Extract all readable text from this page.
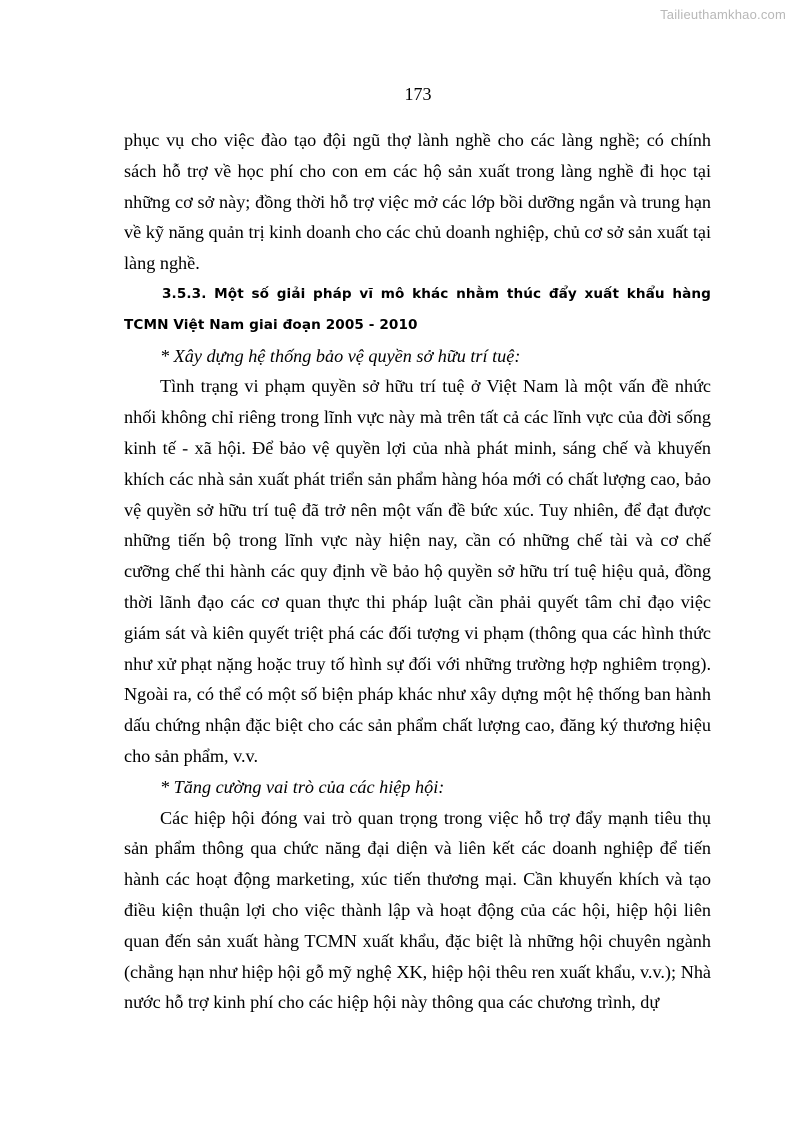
Tailieuthamkhao.com
173

phục vụ cho việc đào tạo đội ngũ thợ lành nghề cho các làng nghề; có chính sách hỗ trợ về học phí cho con em các hộ sản xuất trong làng nghề đi học tại những cơ sở này; đồng thời hỗ trợ việc mở các lớp bồi dưỡng ngắn và trung hạn về kỹ năng quản trị kinh doanh cho các chủ doanh nghiệp, chủ cơ sở sản xuất tại làng nghề.

3.5.3. Một số giải pháp vĩ mô khác nhằm thúc đẩy xuất khẩu hàng TCMN Việt Nam giai đoạn 2005 - 2010

* Xây dựng hệ thống bảo vệ quyền sở hữu trí tuệ:

Tình trạng vi phạm quyền sở hữu trí tuệ ở Việt Nam là một vấn đề nhức nhối không chỉ riêng trong lĩnh vực này mà trên tất cả các lĩnh vực của đời sống kinh tế - xã hội. Để bảo vệ quyền lợi của nhà phát minh, sáng chế và khuyến khích các nhà sản xuất phát triển sản phẩm hàng hóa mới có chất lượng cao, bảo vệ quyền sở hữu trí tuệ đã trở nên một vấn đề bức xúc. Tuy nhiên, để đạt được những tiến bộ trong lĩnh vực này hiện nay, cần có những chế tài và cơ chế cưỡng chế thi hành các quy định về bảo hộ quyền sở hữu trí tuệ hiệu quả, đồng thời lãnh đạo các cơ quan thực thi pháp luật cần phải quyết tâm chỉ đạo việc giám sát và kiên quyết triệt phá các đối tượng vi phạm (thông qua các hình thức như xử phạt nặng hoặc truy tố hình sự đối với những trường hợp nghiêm trọng). Ngoài ra, có thể có một số biện pháp khác như xây dựng một hệ thống ban hành dấu chứng nhận đặc biệt cho các sản phẩm chất lượng cao, đăng ký thương hiệu cho sản phẩm, v.v.

* Tăng cường vai trò của các hiệp hội:

Các hiệp hội đóng vai trò quan trọng trong việc hỗ trợ đẩy mạnh tiêu thụ sản phẩm thông qua chức năng đại diện và liên kết các doanh nghiệp để tiến hành các hoạt động marketing, xúc tiến thương mại. Cần khuyến khích và tạo điều kiện thuận lợi cho việc thành lập và hoạt động của các hội, hiệp hội liên quan đến sản xuất hàng TCMN xuất khẩu, đặc biệt là những hội chuyên ngành (chẳng hạn như hiệp hội gỗ mỹ nghệ XK, hiệp hội thêu ren xuất khẩu, v.v.); Nhà nước hỗ trợ kinh phí cho các hiệp hội này thông qua các chương trình, dự
